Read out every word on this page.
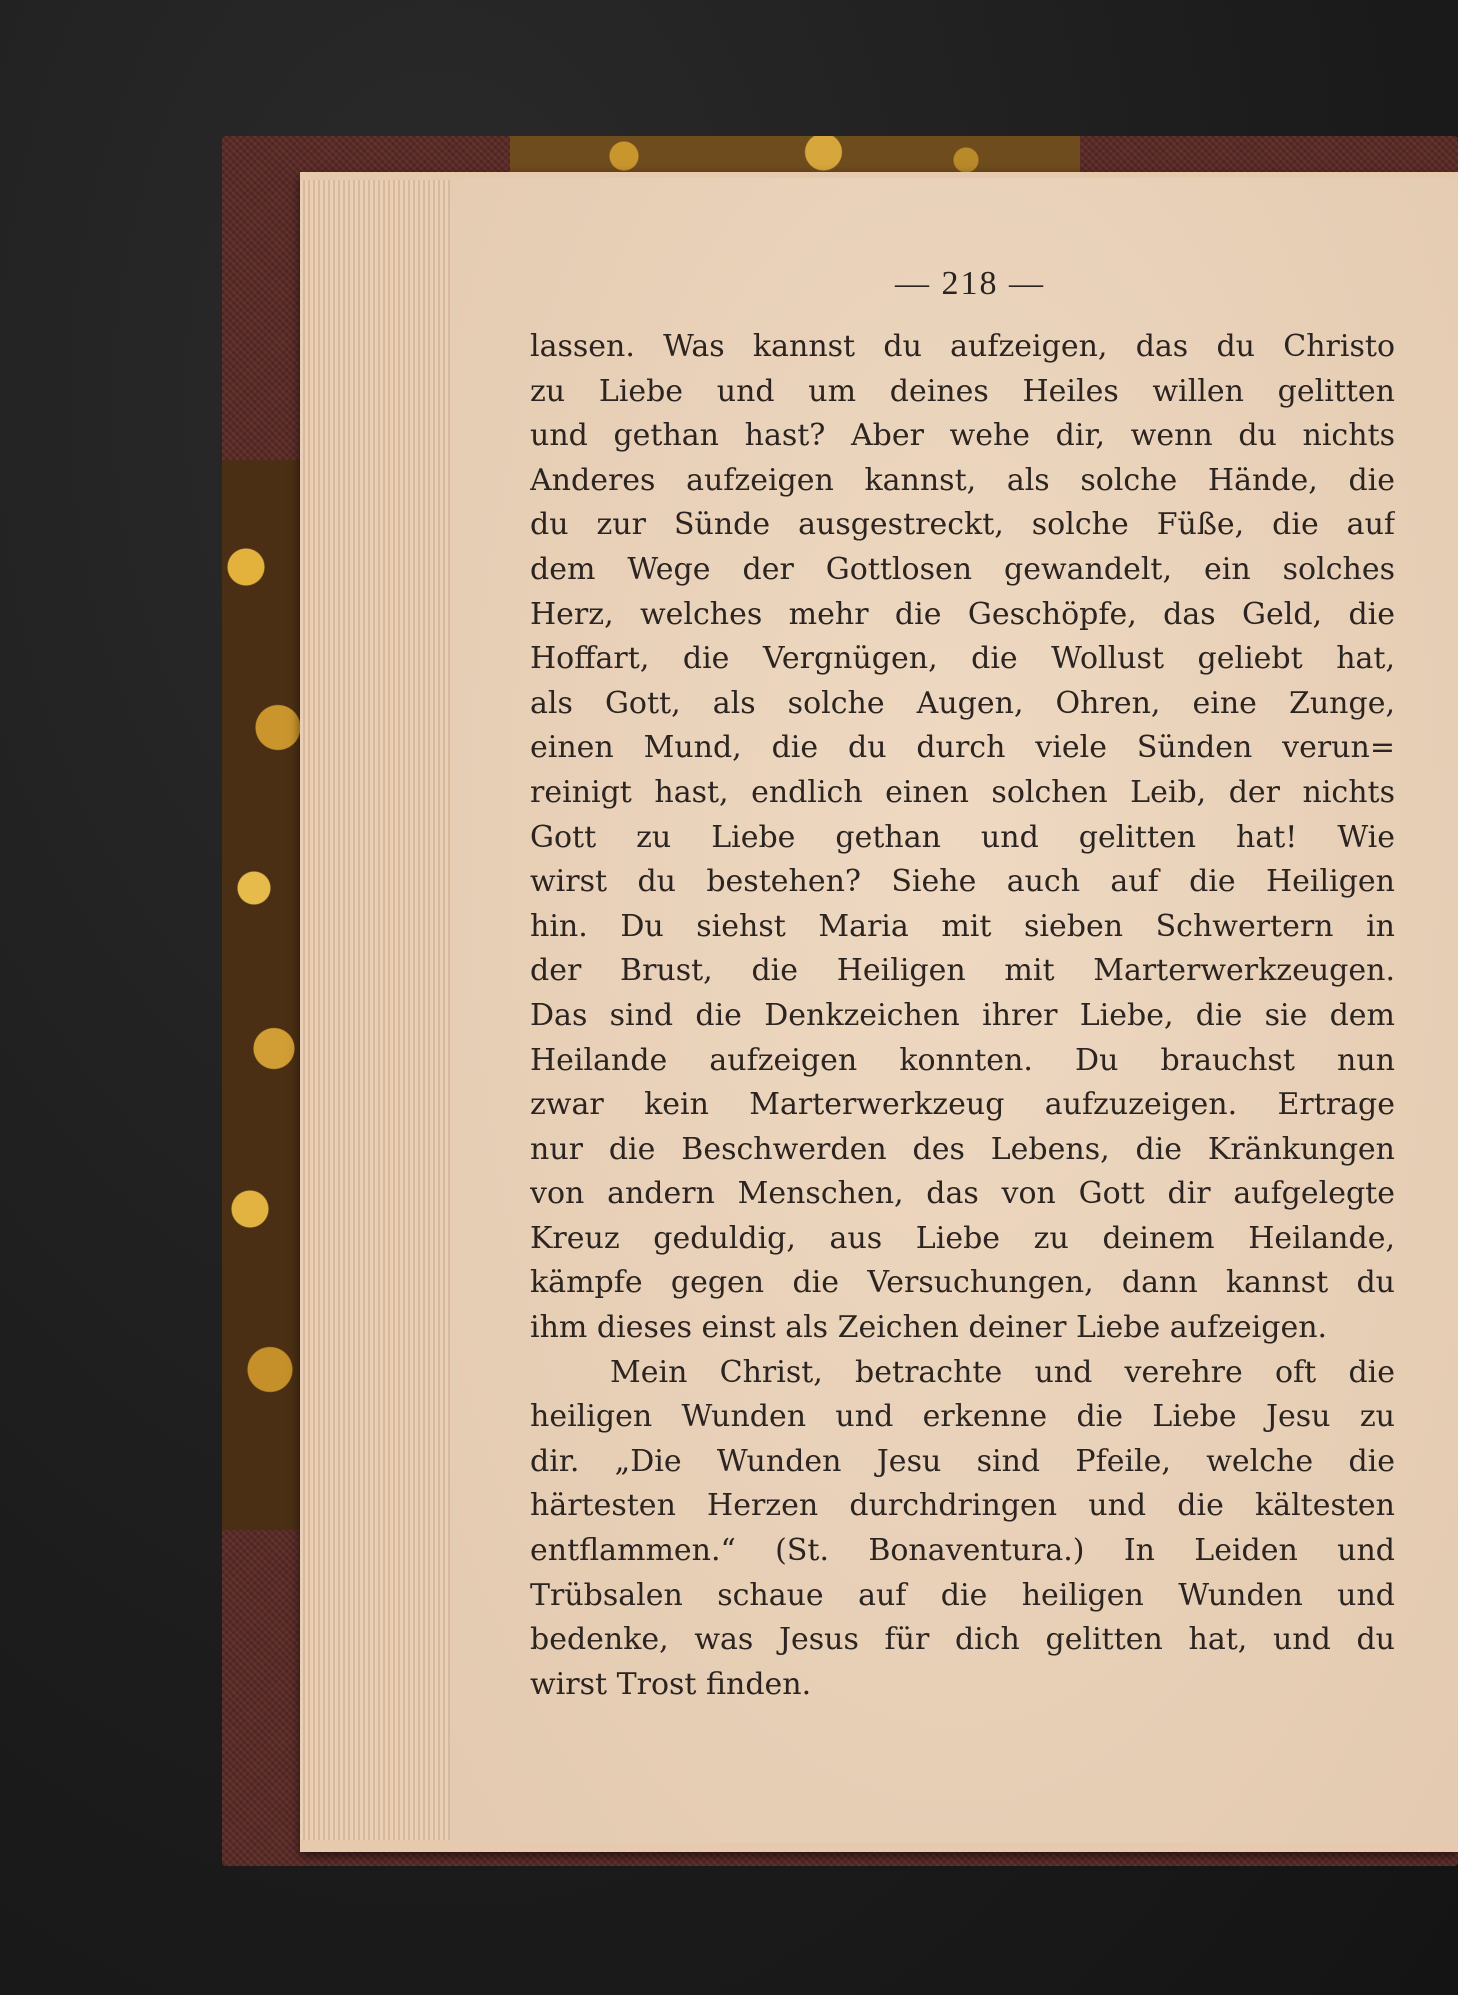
— 218 —
lassen. Was kannst du aufzeigen, das du Christo
zu Liebe und um deines Heiles willen gelitten
und gethan hast? Aber wehe dir, wenn du nichts
Anderes aufzeigen kannst, als solche Hände, die
du zur Sünde ausgestreckt, solche Füße, die auf
dem Wege der Gottlosen gewandelt, ein solches
Herz, welches mehr die Geschöpfe, das Geld, die
Hoffart, die Vergnügen, die Wollust geliebt hat,
als Gott, als solche Augen, Ohren, eine Zunge,
einen Mund, die du durch viele Sünden verun=
reinigt hast, endlich einen solchen Leib, der nichts
Gott zu Liebe gethan und gelitten hat! Wie
wirst du bestehen? Siehe auch auf die Heiligen
hin. Du siehst Maria mit sieben Schwertern in
der Brust, die Heiligen mit Marterwerkzeugen.
Das sind die Denkzeichen ihrer Liebe, die sie dem
Heilande aufzeigen konnten. Du brauchst nun
zwar kein Marterwerkzeug aufzuzeigen. Ertrage
nur die Beschwerden des Lebens, die Kränkungen
von andern Menschen, das von Gott dir aufgelegte
Kreuz geduldig, aus Liebe zu deinem Heilande,
kämpfe gegen die Versuchungen, dann kannst du
ihm dieses einst als Zeichen deiner Liebe aufzeigen.
Mein Christ, betrachte und verehre oft die
heiligen Wunden und erkenne die Liebe Jesu zu
dir. „Die Wunden Jesu sind Pfeile, welche die
härtesten Herzen durchdringen und die kältesten
entflammen.“ (St. Bonaventura.) In Leiden und
Trübsalen schaue auf die heiligen Wunden und
bedenke, was Jesus für dich gelitten hat, und du
wirst Trost finden.
